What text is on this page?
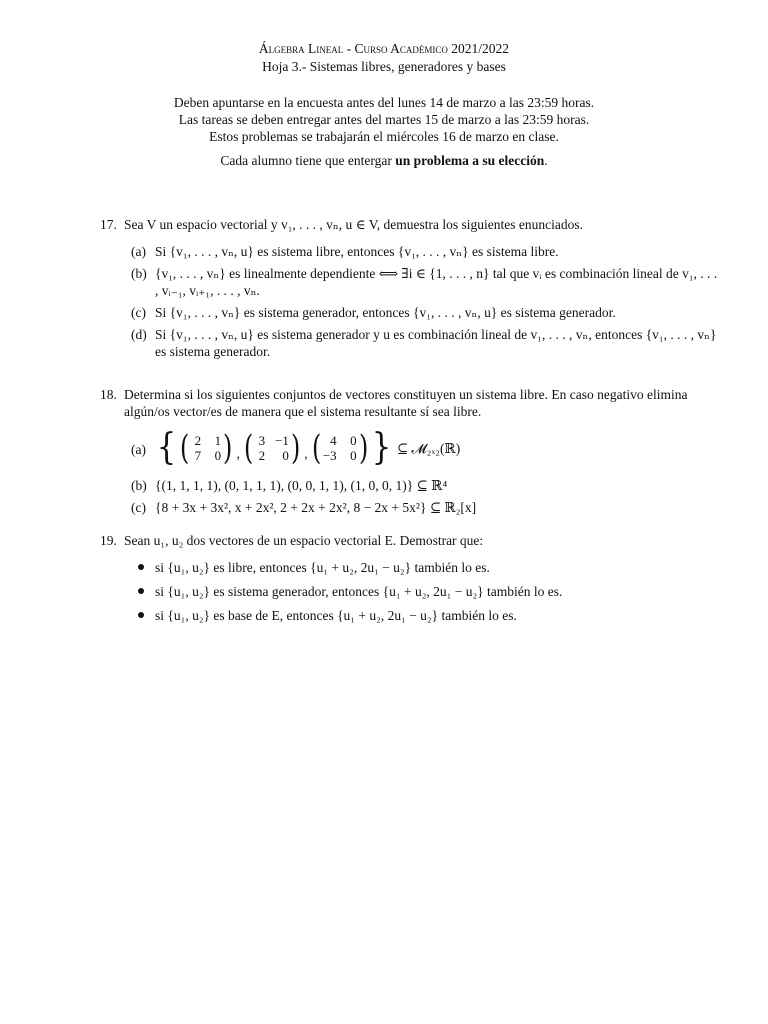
Álgebra Lineal - Curso Académico 2021/2022
Hoja 3.- Sistemas libres, generadores y bases
Deben apuntarse en la encuesta antes del lunes 14 de marzo a las 23:59 horas.
Las tareas se deben entregar antes del martes 15 de marzo a las 23:59 horas.
Estos problemas se trabajarán el miércoles 16 de marzo en clase.
Cada alumno tiene que entergar un problema a su elección.
17. Sea V un espacio vectorial y v₁, . . . , vₙ, u ∈ V, demuestra los siguientes enunciados.
(a) Si {v₁, . . . , vₙ, u} es sistema libre, entonces {v₁, . . . , vₙ} es sistema libre.
(b) {v₁, . . . , vₙ} es linealmente dependiente ⟺ ∃i ∈ {1, . . . , n} tal que vᵢ es combinación lineal de v₁, . . . , vᵢ₋₁, vᵢ₊₁, . . . , vₙ.
(c) Si {v₁, . . . , vₙ} es sistema generador, entonces {v₁, . . . , vₙ, u} es sistema generador.
(d) Si {v₁, . . . , vₙ, u} es sistema generador y u es combinación lineal de v₁, . . . , vₙ, entonces {v₁, . . . , vₙ} es sistema generador.
18. Determina si los siguientes conjuntos de vectores constituyen un sistema libre. En caso negativo elimina algún/os vector/es de manera que el sistema resultante sí sea libre.
(a) { ( 2 1
7 0 ) , ( 3 −1
2	0 ) , ( 4 0
−3 0 ) } ⊆ 𝓜₂ₓ₂(ℝ)
(b) {(1, 1, 1, 1), (0, 1, 1, 1), (0, 0, 1, 1), (1, 0, 0, 1)} ⊆ ℝ⁴
(c) {8 + 3x + 3x², x + 2x², 2 + 2x + 2x², 8 − 2x + 5x²} ⊆ ℝ₂[x]
19. Sean u₁, u₂ dos vectores de un espacio vectorial E. Demostrar que:
si {u₁, u₂} es libre, entonces {u₁ + u₂, 2u₁ − u₂} también lo es.
si {u₁, u₂} es sistema generador, entonces {u₁ + u₂, 2u₁ − u₂} también lo es.
si {u₁, u₂} es base de E, entonces {u₁ + u₂, 2u₁ − u₂} también lo es.
